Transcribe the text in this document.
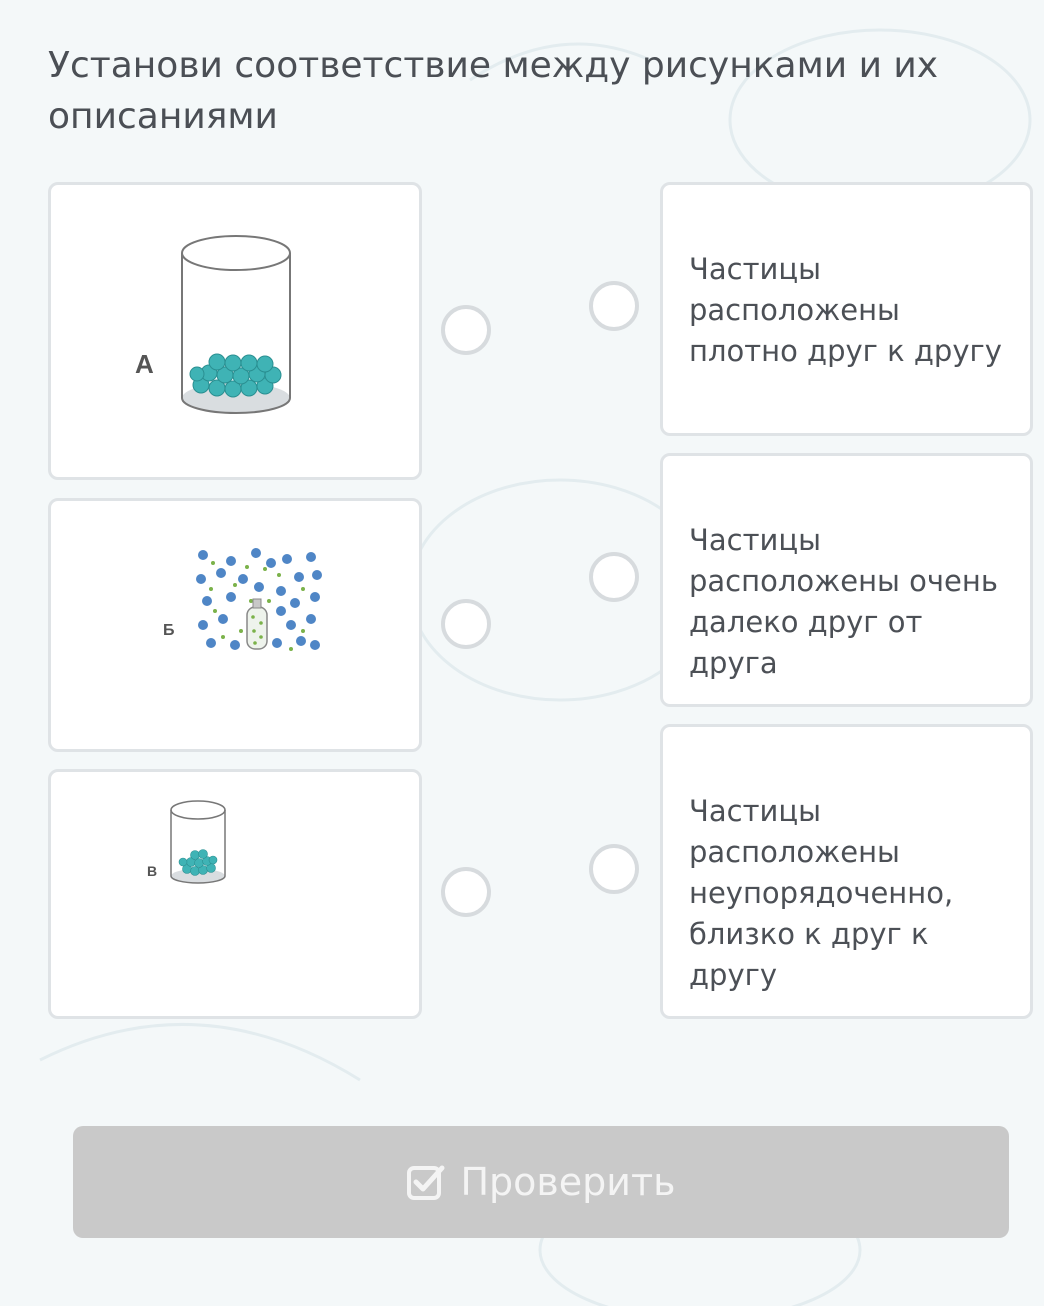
Установи соответствие между рисунками и их описаниями
А
Б
В
Частицы расположены плотно друг к другу
Частицы расположены очень далеко друг от друга
Частицы расположены неупорядоченно, близко к друг к другу
Проверить
